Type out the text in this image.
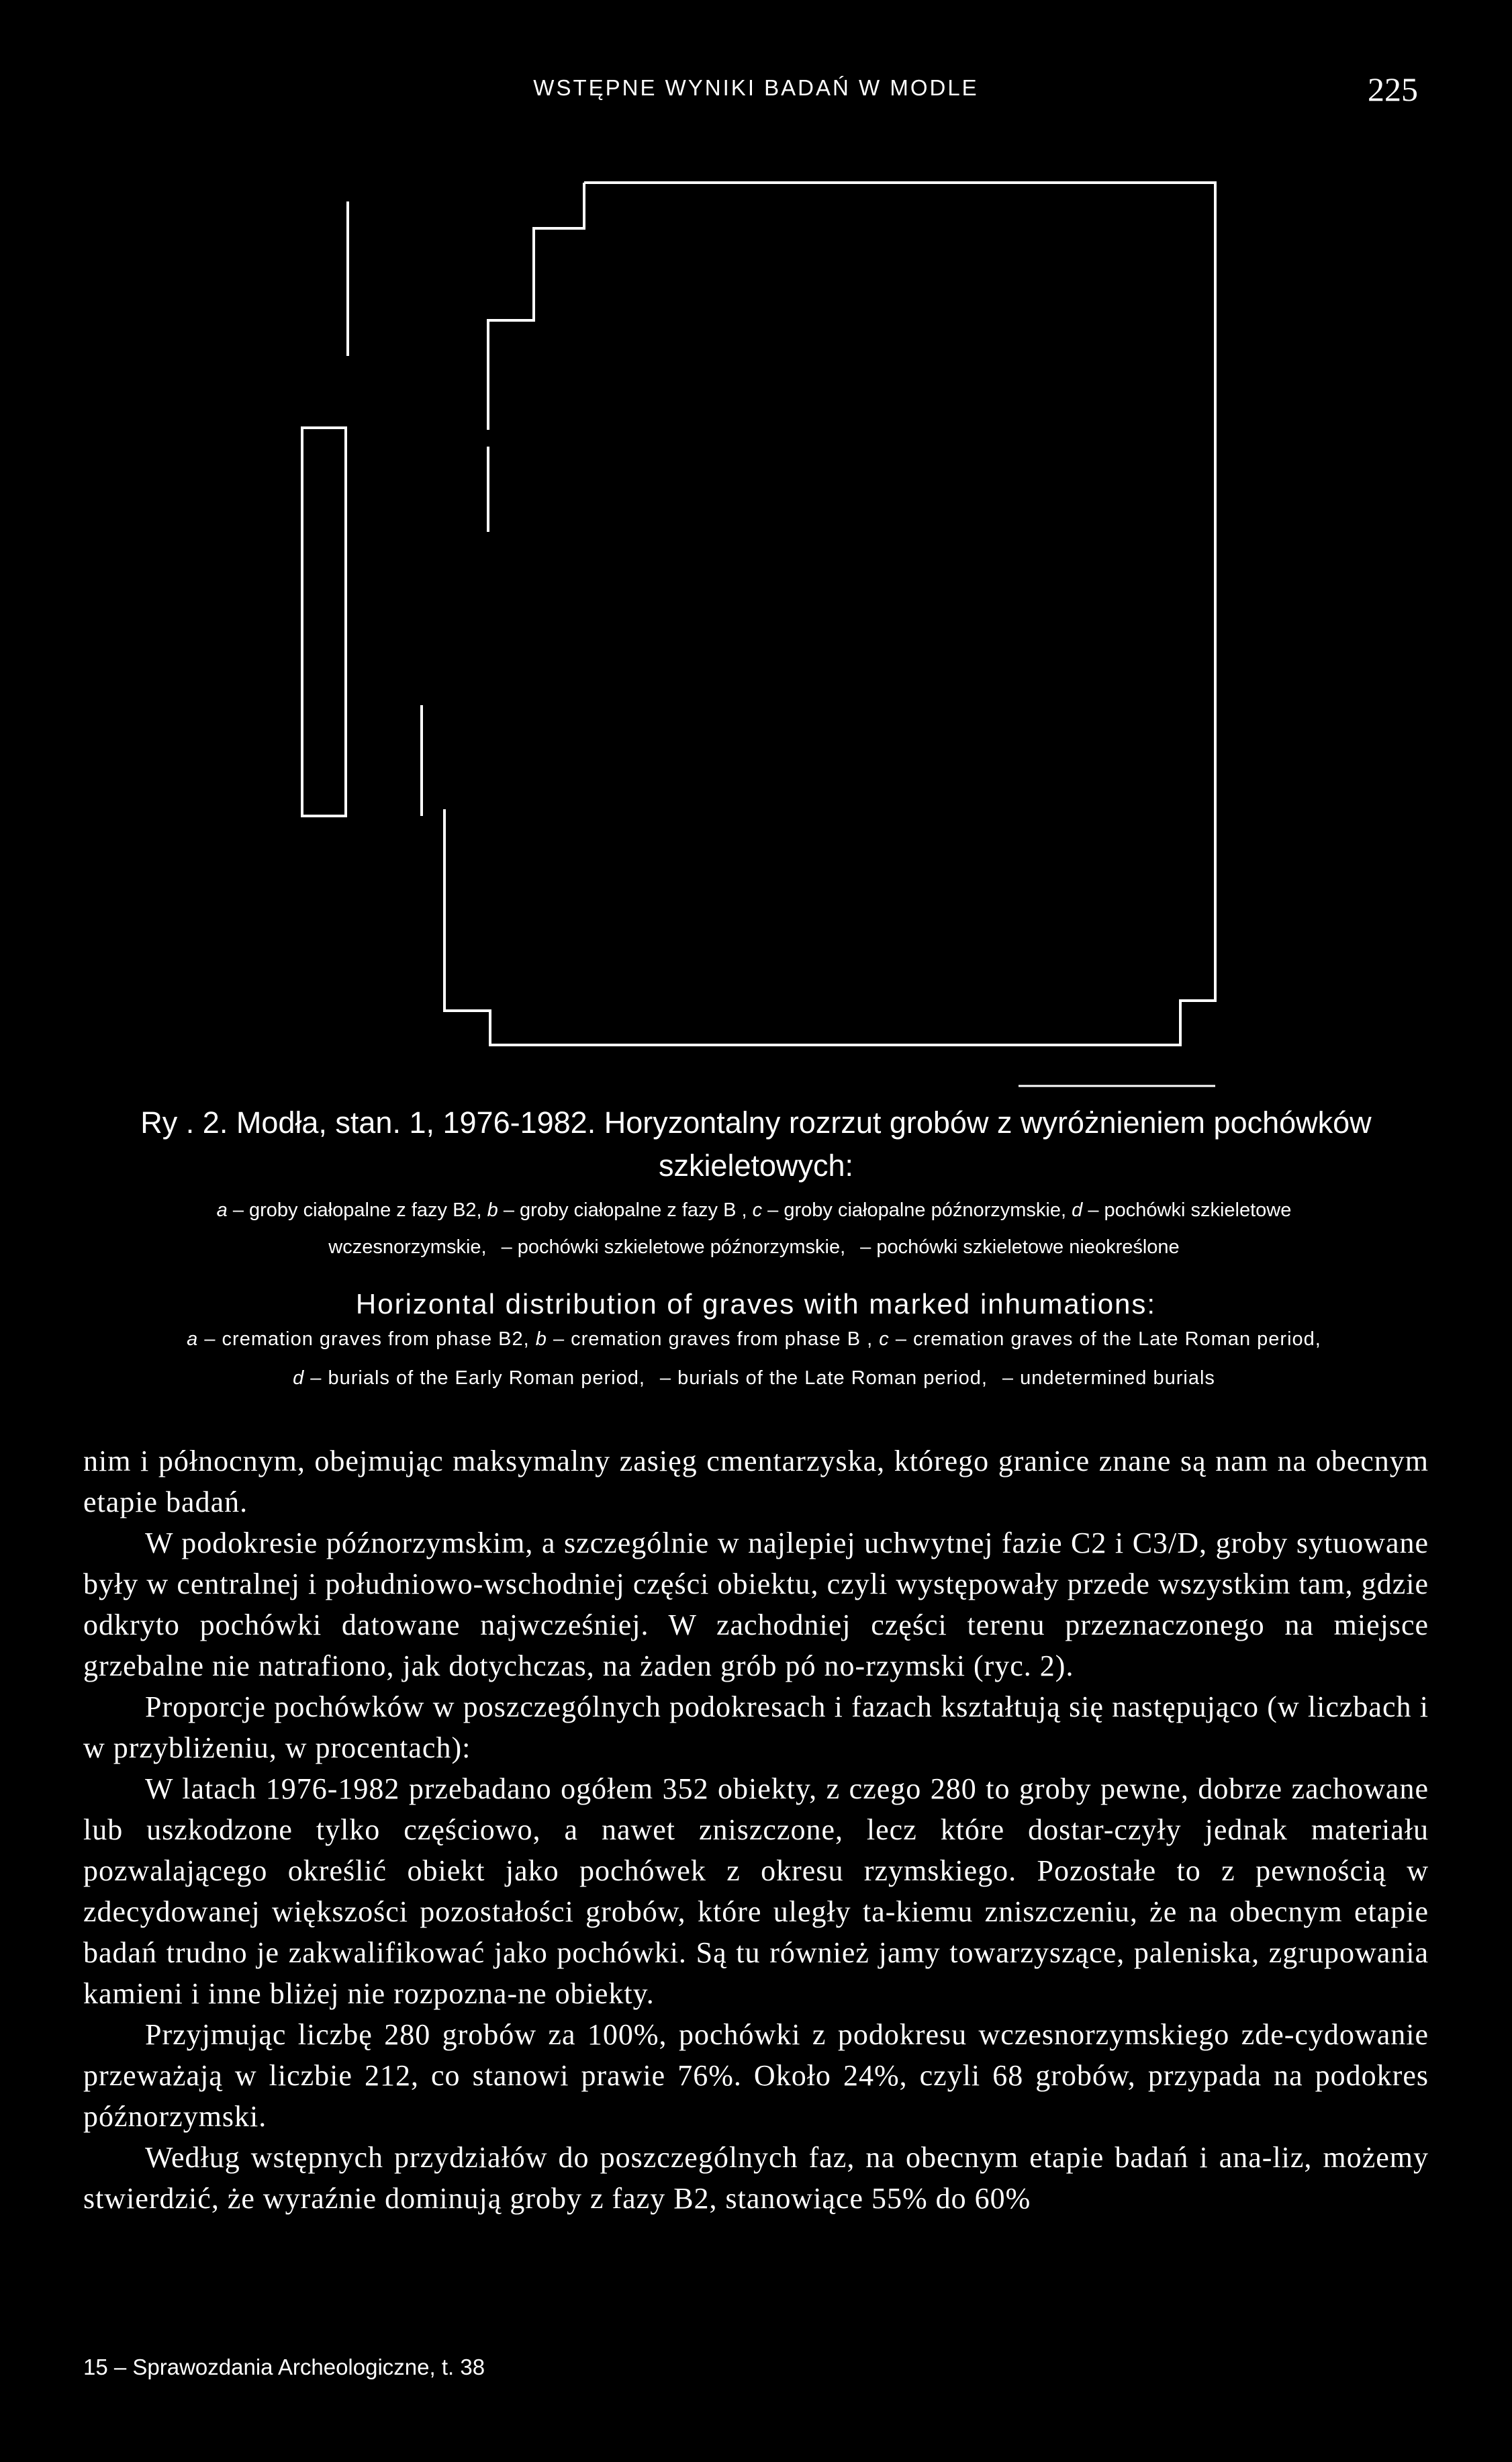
WSTĘPNE WYNIKI BADAŃ W MODLE	225
Ry . 2. Modła, stan. 1, 1976-1982. Horyzontalny rozrzut grobów z wyróżnieniem pochówków
szkieletowych:
a – groby ciałopalne z fazy B2, b – groby ciałopalne z fazy B , c – groby ciałopalne późnorzymskie, d – pochówki szkieletowe
wczesnorzymskie, – pochówki szkieletowe późnorzymskie, – pochówki szkieletowe nieokreślone
Horizontal distribution of graves with marked inhumations:
a – cremation graves from phase B2, b – cremation graves from phase B , c – cremation graves of the Late Roman period,
d – burials of the Early Roman period, – burials of the Late Roman period, – undetermined burials
nim i północnym, obejmując maksymalny zasięg cmentarzyska, którego granice znane są nam na obecnym etapie badań.
W podokresie późnorzymskim, a szczególnie w najlepiej uchwytnej fazie C2 i C3/D, groby sytuowane były w centralnej i południowo-wschodniej części obiektu, czyli występowały przede wszystkim tam, gdzie odkryto pochówki datowane najwcześniej. W zachodniej części terenu przeznaczonego na miejsce grzebalne nie natrafiono, jak dotychczas, na żaden grób pó no-rzymski (ryc. 2).
Proporcje pochówków w poszczególnych podokresach i fazach kształtują się następująco (w liczbach i w przybliżeniu, w procentach):
W latach 1976-1982 przebadano ogółem 352 obiekty, z czego 280 to groby pewne, dobrze zachowane lub uszkodzone tylko częściowo, a nawet zniszczone, lecz które dostar-czyły jednak materiału pozwalającego określić obiekt jako pochówek z okresu rzymskiego. Pozostałe to z pewnością w zdecydowanej większości pozostałości grobów, które uległy ta-kiemu zniszczeniu, że na obecnym etapie badań trudno je zakwalifikować jako pochówki. Są tu również jamy towarzyszące, paleniska, zgrupowania kamieni i inne bliżej nie rozpozna-ne obiekty.
Przyjmując liczbę 280 grobów za 100%, pochówki z podokresu wczesnorzymskiego zde-cydowanie przeważają w liczbie 212, co stanowi prawie 76%. Około 24%, czyli 68 grobów, przypada na podokres późnorzymski.
Według wstępnych przydziałów do poszczególnych faz, na obecnym etapie badań i ana-liz, możemy stwierdzić, że wyraźnie dominują groby z fazy B2, stanowiące 55% do 60%
15 – Sprawozdania Archeologiczne, t. 38
